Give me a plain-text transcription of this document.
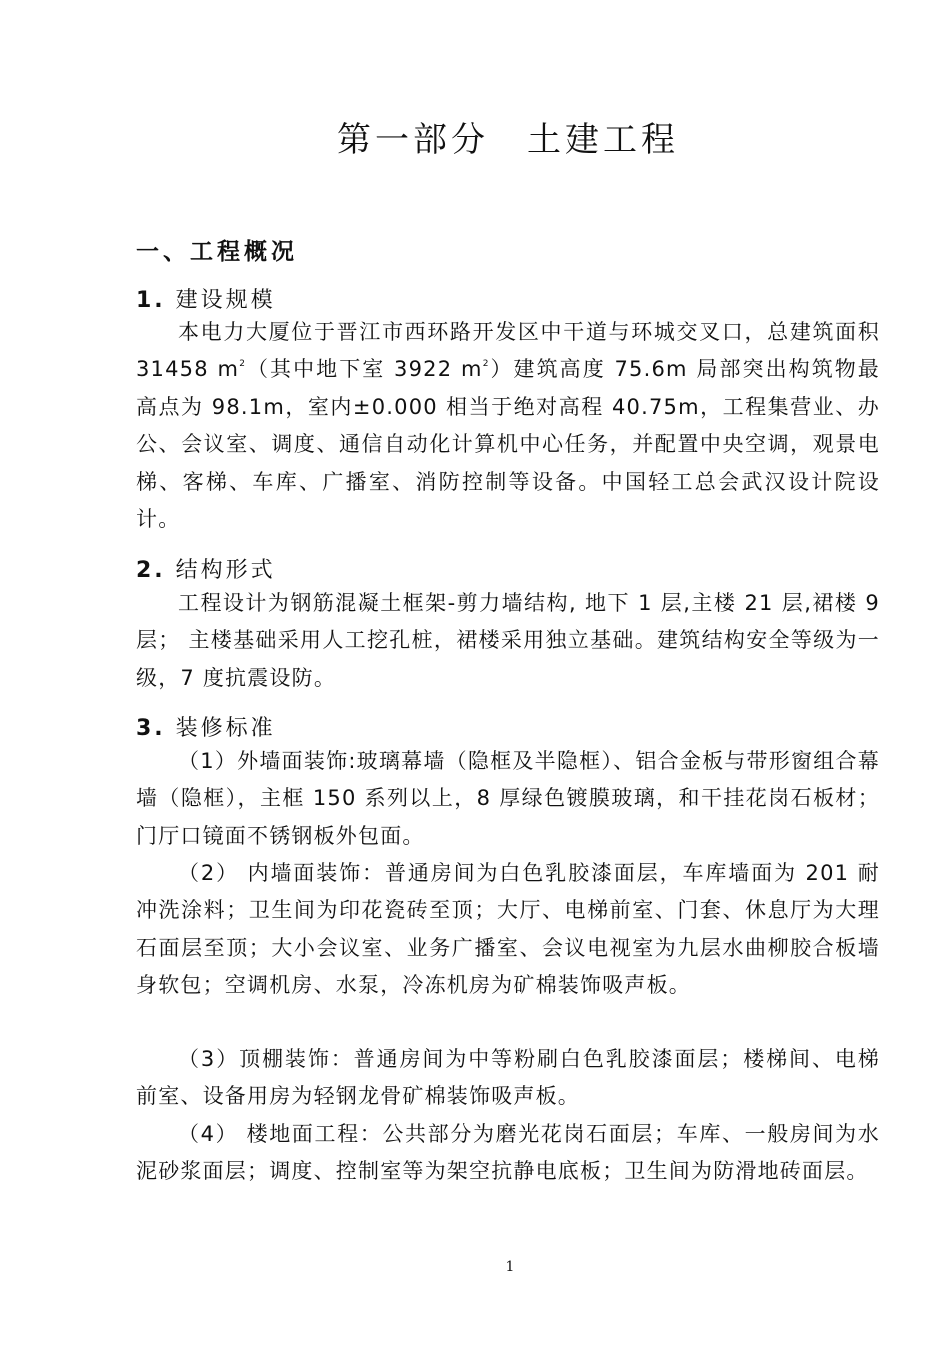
第一部分　土建工程
一、工程概况
1. 建设规模
本电力大厦位于晋江市西环路开发区中干道与环城交叉口，总建筑面积 31458 $m^2$（其中地下室 3922 $m^2$）建筑高度 75.6m 局部突出构筑物最高点为 98.1m，室内±0.000 相当于绝对高程 40.75m，工程集营业、办公、会议室、调度、通信自动化计算机中心任务，并配置中央空调，观景电梯、客梯、车库、广播室、消防控制等设备。中国轻工总会武汉设计院设计。
2. 结构形式
工程设计为钢筋混凝土框架-剪力墙结构, 地下 1 层,主楼 21 层,裙楼 9 层； 主楼基础采用人工挖孔桩，裙楼采用独立基础。建筑结构安全等级为一级，7 度抗震设防。
3. 装修标准
（1）外墙面装饰:玻璃幕墙（隐框及半隐框）、铝合金板与带形窗组合幕墙（隐框），主框 150 系列以上，8 厚绿色镀膜玻璃，和干挂花岗石板材；门厅口镜面不锈钢板外包面。
（2） 内墙面装饰：普通房间为白色乳胶漆面层，车库墙面为 201 耐冲洗涂料；卫生间为印花瓷砖至顶；大厅、电梯前室、门套、休息厅为大理石面层至顶；大小会议室、业务广播室、会议电视室为九层水曲柳胶合板墙身软包；空调机房、水泵，冷冻机房为矿棉装饰吸声板。
（3）顶棚装饰：普通房间为中等粉刷白色乳胶漆面层；楼梯间、电梯前室、设备用房为轻钢龙骨矿棉装饰吸声板。
（4） 楼地面工程：公共部分为磨光花岗石面层；车库、一般房间为水泥砂浆面层；调度、控制室等为架空抗静电底板；卫生间为防滑地砖面层。
1
